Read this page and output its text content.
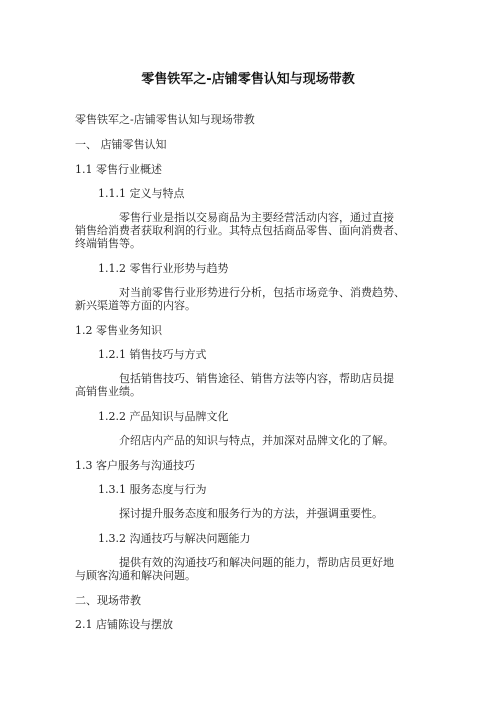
零售铁军之-店铺零售认知与现场带教
零售铁军之-店铺零售认知与现场带教
一、 店铺零售认知
1.1 零售行业概述
1.1.1 定义与特点
零售行业是指以交易商品为主要经营活动内容，通过直接
销售给消费者获取利润的行业。其特点包括商品零售、面向消费者、
终端销售等。
1.1.2 零售行业形势与趋势
对当前零售行业形势进行分析，包括市场竞争、消费趋势、
新兴渠道等方面的内容。
1.2 零售业务知识
1.2.1 销售技巧与方式
包括销售技巧、销售途径、销售方法等内容，帮助店员提
高销售业绩。
1.2.2 产品知识与品牌文化
介绍店内产品的知识与特点，并加深对品牌文化的了解。
1.3 客户服务与沟通技巧
1.3.1 服务态度与行为
探讨提升服务态度和服务行为的方法，并强调重要性。
1.3.2 沟通技巧与解决问题能力
提供有效的沟通技巧和解决问题的能力，帮助店员更好地
与顾客沟通和解决问题。
二、现场带教
2.1 店铺陈设与摆放
